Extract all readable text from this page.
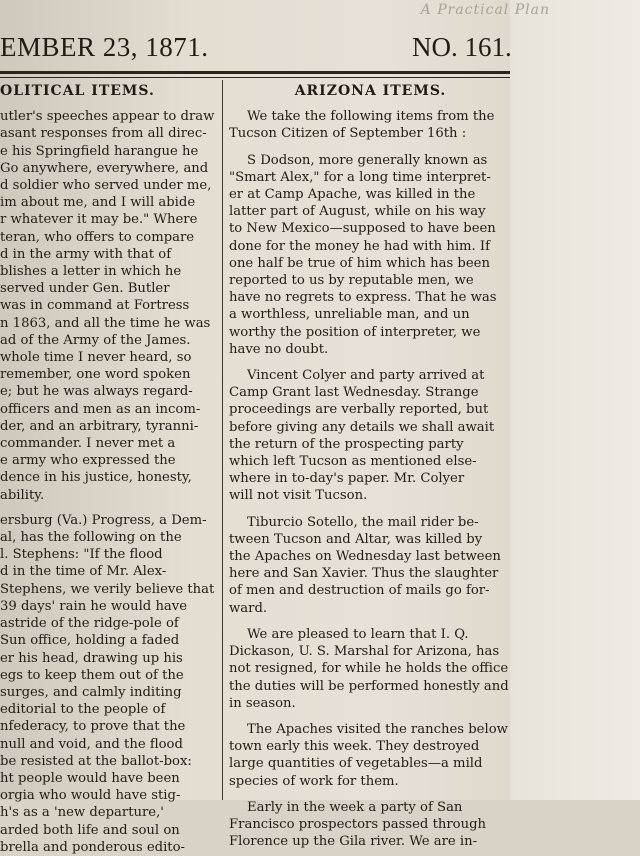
A Practical Plan
EMBER 23, 1871.	NO. 161.
OLITICAL ITEMS.
utler's speeches appear to draw
asant responses from all direc-
e his Springfield harangue he
Go anywhere, everywhere, and
d soldier who served under me,
im about me, and I will abide
r whatever it may be." Where
teran, who offers to compare
d in the army with that of
blishes a letter in which he
served under Gen. Butler
was in command at Fortress
n 1863, and all the time he was
ad of the Army of the James.
whole time I never heard, so
remember, one word spoken
e; but he was always regard-
officers and men as an incom-
der, and an arbitrary, tyranni-
commander. I never met a
e army who expressed the
dence in his justice, honesty,
ability.
ersburg (Va.) Progress, a Dem-
al, has the following on the
l. Stephens: "If the flood
d in the time of Mr. Alex-
Stephens, we verily believe that
39 days' rain he would have
astride of the ridge-pole of
Sun office, holding a faded
er his head, drawing up his
egs to keep them out of the
surges, and calmly inditing
editorial to the people of
nfederacy, to prove that the
null and void, and the flood
be resisted at the ballot-box:
ht people would have been
orgia who would have stig-
h's as a 'new departure,'
arded both life and soul on
brella and ponderous edito-
ARIZONA ITEMS.
We take the following items from the
Tucson Citizen of September 16th :
S Dodson, more generally known as
"Smart Alex," for a long time interpret-
er at Camp Apache, was killed in the
latter part of August, while on his way
to New Mexico—supposed to have been
done for the money he had with him. If
one half be true of him which has been
reported to us by reputable men, we
have no regrets to express. That he was
a worthless, unreliable man, and un
worthy the position of interpreter, we
have no doubt.
Vincent Colyer and party arrived at
Camp Grant last Wednesday. Strange
proceedings are verbally reported, but
before giving any details we shall await
the return of the prospecting party
which left Tucson as mentioned else-
where in to-day's paper. Mr. Colyer
will not visit Tucson.
Tiburcio Sotello, the mail rider be-
tween Tucson and Altar, was killed by
the Apaches on Wednesday last between
here and San Xavier. Thus the slaughter
of men and destruction of mails go for-
ward.
We are pleased to learn that I. Q.
Dickason, U. S. Marshal for Arizona, has
not resigned, for while he holds the office
the duties will be performed honestly and
in season.
The Apaches visited the ranches below
town early this week. They destroyed
large quantities of vegetables—a mild
species of work for them.
Early in the week a party of San
Francisco prospectors passed through
Florence up the Gila river. We are in-
